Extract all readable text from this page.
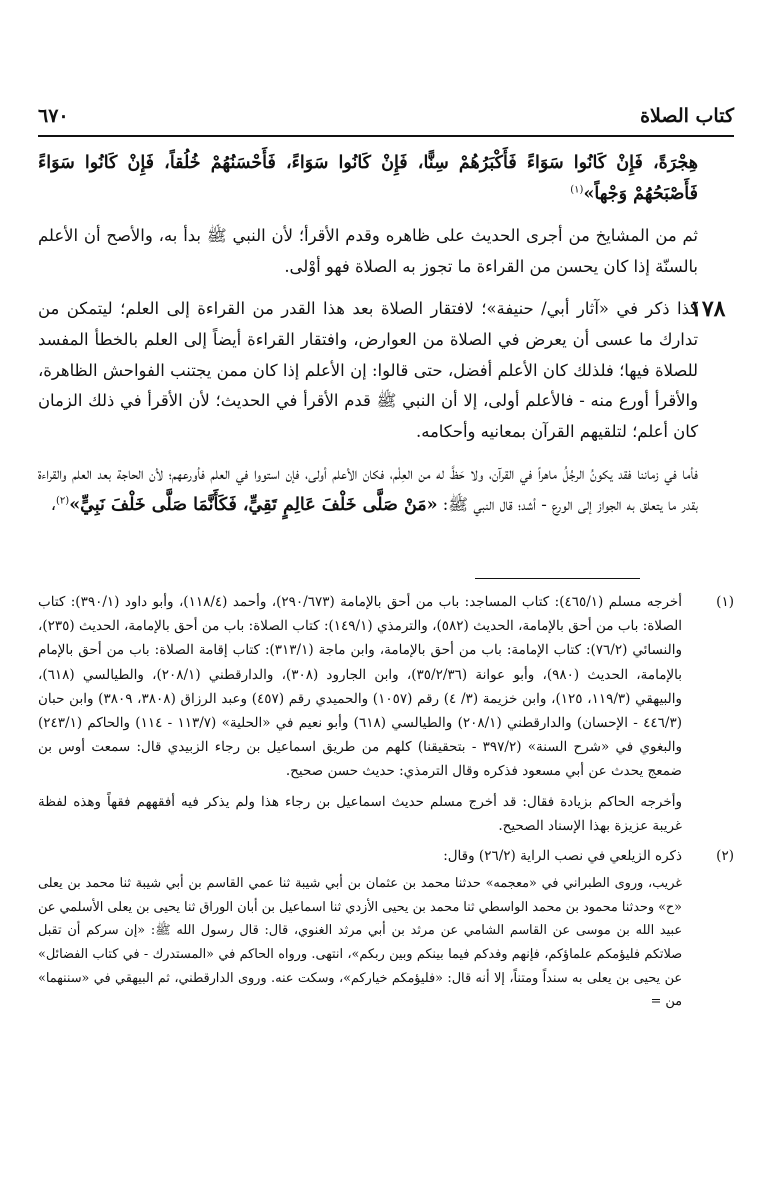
كتاب الصلاة
٦٧٠
١٧٨

هِجْرَةً، فَإِنْ كَانُوا سَوَاءً فَأَكْبَرُهُمْ سِنًّا، فَإِنْ كَانُوا سَوَاءً، فَأَحْسَنُهُمْ خُلُقاً، فَإِنْ كَانُوا سَوَاءً فَأَصْبَحُهُمْ وَجْهاً»$^{(١)}$

ثم من المشايخ من أجرى الحديث على ظاهره وقدم الأقرأ؛ لأن النبي ﷺ بدأ به، والأصح أن الأعلم بالسنّة إذا كان يحسن من القراءة ما تجوز به الصلاة فهو أوْلى.

كذا ذكر في «آثار أبي/ حنيفة»؛ لافتقار الصلاة بعد هذا القدر من القراءة إلى العلم؛ ليتمكن من تدارك ما عسى أن يعرض في الصلاة من العوارض، وافتقار القراءة أيضاً إلى العلم بالخطأ المفسد للصلاة فيها؛ فلذلك كان الأعلم أفضل، حتى قالوا: إن الأعلم إذا كان ممن يجتنب الفواحش الظاهرة، والأقرأ أورع منه - فالأعلم أولى، إلا أن النبي ﷺ قدم الأقرأ في الحديث؛ لأن الأقرأ في ذلك الزمان كان أعلم؛ لتلقيهم القرآن بمعانيه وأحكامه.

فأما في زماننا فقد يكونُ الرجُلُ ماهراً في القرآن، ولا حَظَّ له من العِلْم، فكان الأعلم أولى، فإن استووا في العلم فأورعهم؛ لأن الحاجة بعد العلم والقراءة بقدر ما يتعلق به الجواز إلى الورع - أشد؛ قال النبي ﷺ: «مَنْ صَلَّى خَلْفَ عَالِمٍ تَقِيٍّ، فَكَأَنَّمَا صَلَّى خَلْفَ نَبِيٍّ»$^{(٢)}$،

(١)

أخرجه مسلم (٤٦٥/١): كتاب المساجد: باب من أحق بالإمامة (٢٩٠/٦٧٣)، وأحمد (١١٨/٤)، وأبو داود (٣٩٠/١): كتاب الصلاة: باب من أحق بالإمامة، الحديث (٥٨٢)، والترمذي (١٤٩/١): كتاب الصلاة: باب من أحق بالإمامة، الحديث (٢٣٥)، والنسائي (٧٦/٢): كتاب الإمامة: باب من أحق بالإمامة، وابن ماجة (٣١٣/١): كتاب إقامة الصلاة: باب من أحق بالإمام بالإمامة، الحديث (٩٨٠)، وأبو عوانة (٣٥/٢/٣٦)، وابن الجارود (٣٠٨)، والدارقطني (٢٠٨/١)، والطيالسي (٦١٨)، والبيهقي (١١٩/٣، ١٢٥)، وابن خزيمة (٣/ ٤) رقم (١٠٥٧) والحميدي رقم (٤٥٧) وعبد الرزاق (٣٨٠٨، ٣٨٠٩) وابن حبان (٤٤٦/٣ - الإحسان) والدارقطني (٢٠٨/١) والطيالسي (٦١٨) وأبو نعيم في «الحلية» (١١٣/٧ - ١١٤) والحاكم (٢٤٣/١) والبغوي في «شرح السنة» (٣٩٧/٢ - بتحقيقنا) كلهم من طريق اسماعيل بن رجاء الزبيدي قال: سمعت أوس بن ضمعج يحدث عن أبي مسعود فذكره وقال الترمذي: حديث حسن صحيح.

وأخرجه الحاكم بزيادة فقال: قد أخرج مسلم حديث اسماعيل بن رجاء هذا ولم يذكر فيه أفقههم فقهاً وهذه لفظة غريبة عزيزة بهذا الإسناد الصحيح.

(٢)

ذكره الزيلعي في نصب الراية (٢٦/٢) وقال:

غريب، وروى الطبراني في «معجمه» حدثنا محمد بن عثمان بن أبي شيبة ثنا عمي القاسم بن أبي شيبة ثنا محمد بن يعلى «ح» وحدثنا محمود بن محمد الواسطي ثنا محمد بن يحيى الأزدي ثنا اسماعيل بن أبان الوراق ثنا يحيى بن يعلى الأسلمي عن عبيد الله بن موسى عن القاسم الشامي عن مرثد بن أبي مرثد الغنوي، قال: قال رسول الله ﷺ: «إن سركم أن تقبل صلاتكم فليؤمكم علماؤكم، فإنهم وفدكم فيما بينكم وبين ربكم»، انتهى. ورواه الحاكم في «المستدرك - في كتاب الفضائل» عن يحيى بن يعلى به سنداً ومتناً، إلا أنه قال: «فليؤمكم خياركم»، وسكت عنه. وروى الدارقطني، ثم البيهقي في «سننهما» من =
